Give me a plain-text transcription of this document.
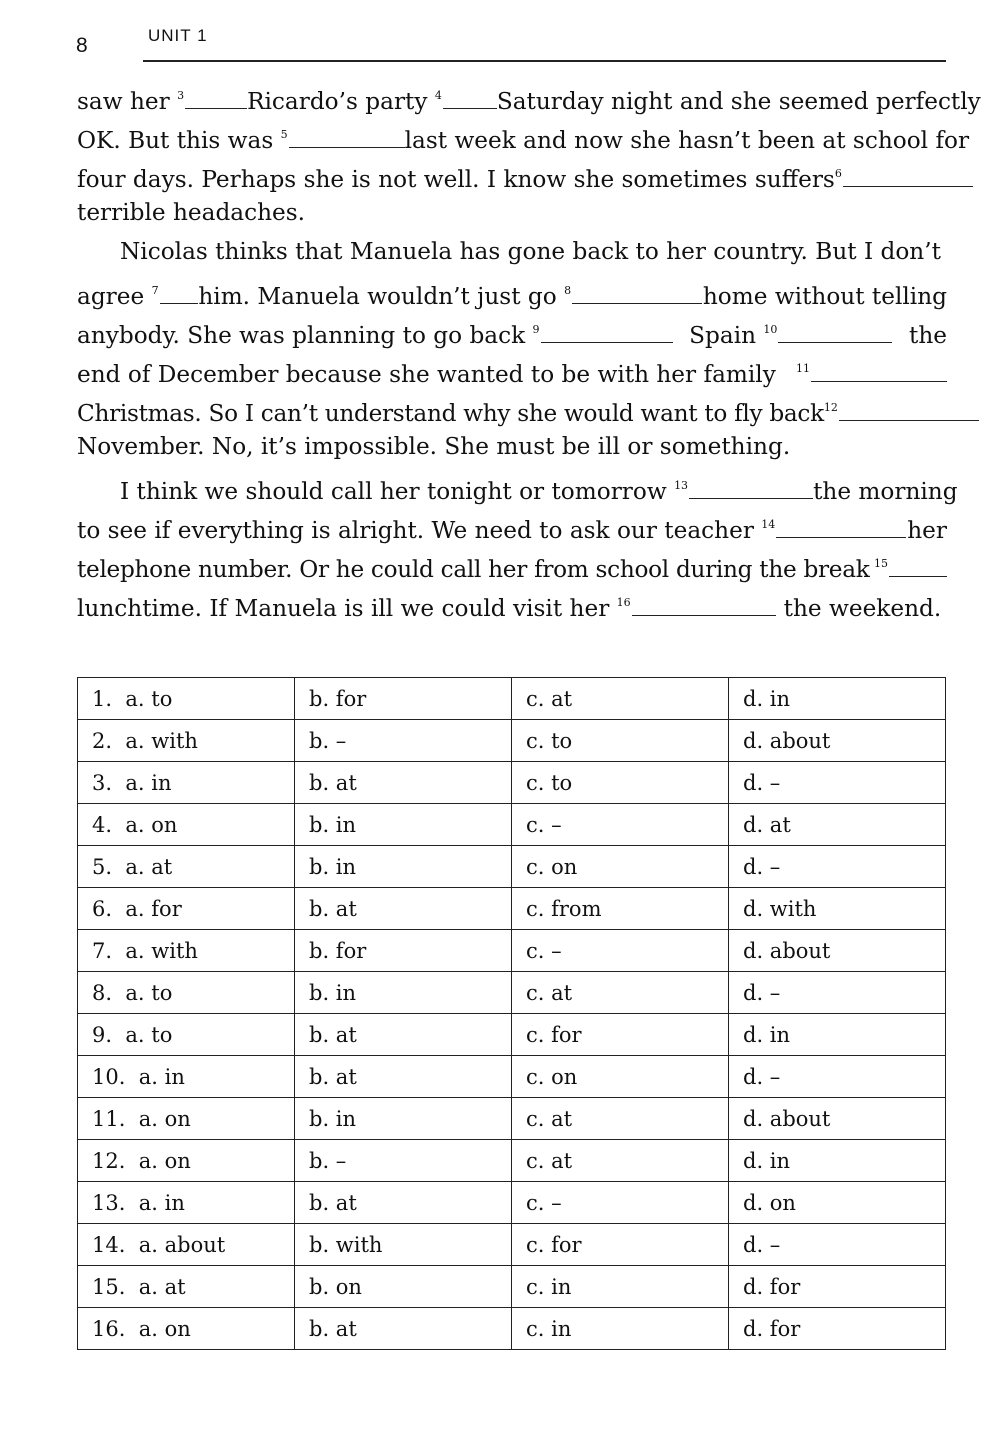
8	UNIT 1
saw her $^3$	Ricardo’s party $^4$	Saturday night and she seemed perfectly
OK. But this was $^5$	last week and now she hasn’t been at school for
four days. Perhaps she is not well. I know she sometimes suffers $^6$
terrible headaches.
Nicolas thinks that Manuela has gone back to her country. But I don’t
agree $^7$	him. Manuela wouldn’t just go $^8$	home without telling
anybody. She was planning to go back $^9$	Spain $^{10}$	the
end of December because she wanted to be with her family $^{11}$
Christmas. So I can’t understand why she would want to fly back $^{12}$
November. No, it’s impossible. She must be ill or something.
I think we should call her tonight or tomorrow $^{13}$	the morning
to see if everything is alright. We need to ask our teacher $^{14}$	her
telephone number. Or he could call her from school during the break $^{15}$
lunchtime. If Manuela is ill we could visit her $^{16}$	the weekend.
1. a. to	b. for	c. at	d. in
2. a. with	b. –	c. to	d. about
3. a. in	b. at	c. to	d. –
4. a. on	b. in	c. –	d. at
5. a. at	b. in	c. on	d. –
6. a. for	b. at	c. from	d. with
7. a. with	b. for	c. –	d. about
8. a. to	b. in	c. at	d. –
9. a. to	b. at	c. for	d. in
10. a. in	b. at	c. on	d. –
11. a. on	b. in	c. at	d. about
12. a. on	b. –	c. at	d. in
13. a. in	b. at	c. –	d. on
14. a. about	b. with	c. for	d. –
15. a. at	b. on	c. in	d. for
16. a. on	b. at	c. in	d. for
